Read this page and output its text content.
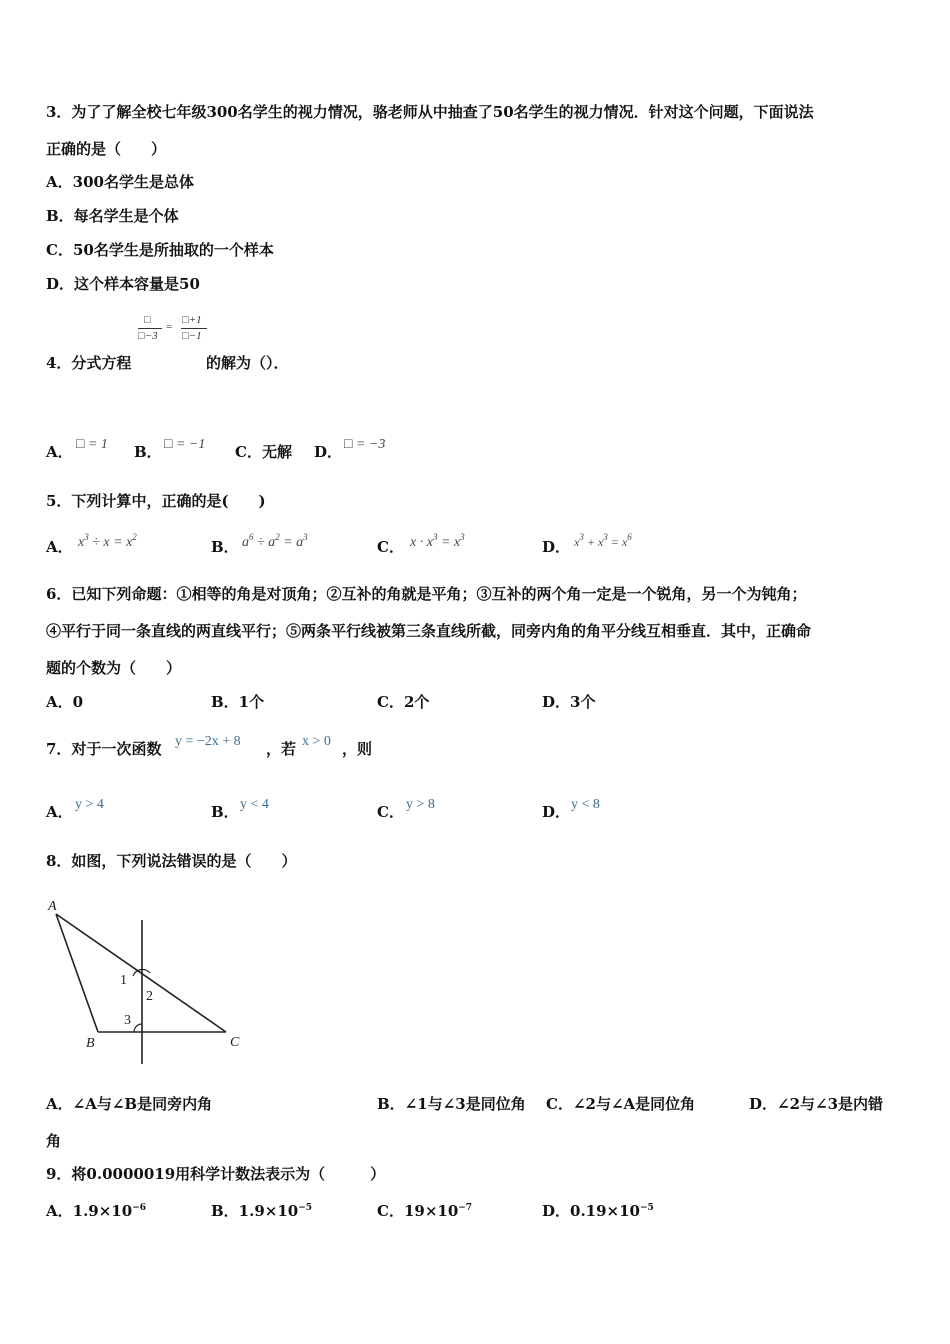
3．为了了解全校七年级300名学生的视力情况，骆老师从中抽查了50名学生的视力情况．针对这个问题，下面说法
正确的是（　　）
A．300名学生是总体
B．每名学生是个体
C．50名学生是所抽取的一个样本
D．这个样本容量是50
□
□−3
=
□+1
□−1
4．分式方程	的解为（）．
A． □ = 1 B． □ = −1 C．无解 D． □ = −3
5．下列计算中，正确的是(　　)
A． $x^3 \div x = x^2$
B． $a^6 \div a^2 = a^3$
C． $x \cdot x^3 = x^3$
D． $x^3 + x^3 = x^6$
6．已知下列命题：①相等的角是对顶角；②互补的角就是平角；③互补的两个角一定是一个锐角，另一个为钝角；
④平行于同一条直线的两直线平行；⑤两条平行线被第三条直线所截，同旁内角的角平分线互相垂直．其中，正确命
题的个数为（　　）
A．0	B．1个	C．2个	D．3个
7．对于一次函数 y = −2x + 8 ，若 x > 0 ，则
A． y > 4	B． y < 4	C． y > 8	D． y < 8
8．如图，下列说法错误的是（　　）
A
B	C
1
2
3
A．∠A与∠B是同旁内角	B．∠1与∠3是同位角 C．∠2与∠A是同位角	D．∠2与∠3是内错
角
9．将0.0000019用科学计数法表示为（　　　）
A．$1.9\times 10^{-6}$	B．$1.9\times 10^{-5}$	C．$19\times 10^{-7}$	D．$0.19\times 10^{-5}$
